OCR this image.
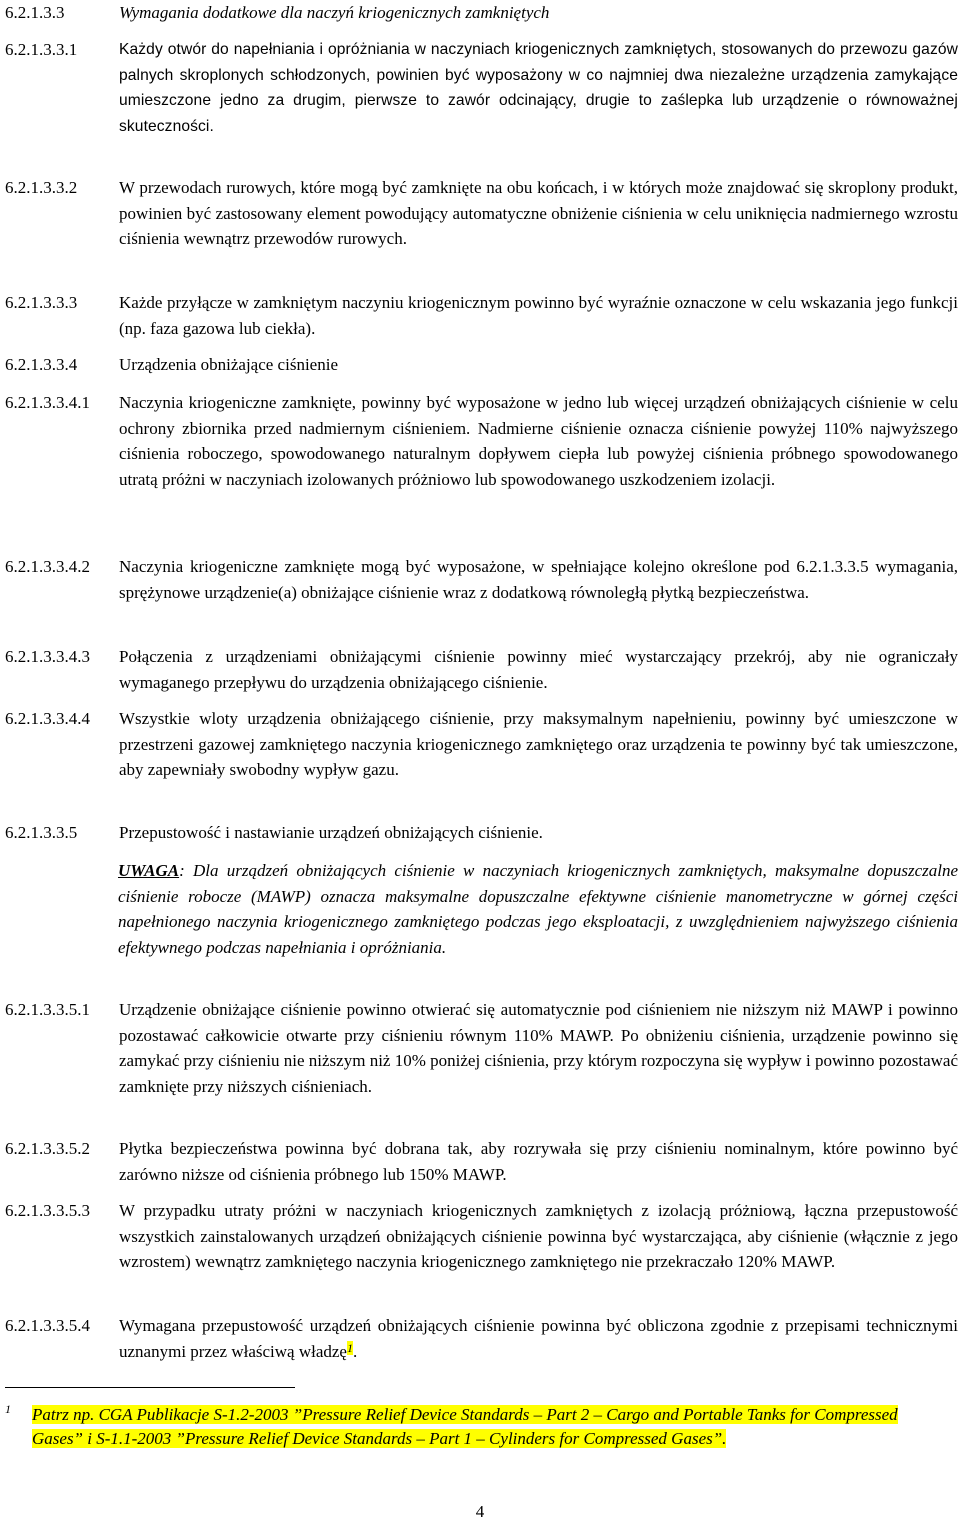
6.2.1.3.3	Wymagania dodatkowe dla naczyń kriogenicznych zamkniętych
6.2.1.3.3.1	Każdy otwór do napełniania i opróżniania w naczyniach kriogenicznych zamkniętych, stosowanych do przewozu gazów palnych skroplonych schłodzonych, powinien być wyposażony w co najmniej dwa niezależne urządzenia zamykające umieszczone jedno za drugim, pierwsze to zawór odcinający, drugie to zaślepka lub urządzenie o równoważnej skuteczności.
6.2.1.3.3.2 W przewodach rurowych, które mogą być zamknięte na obu końcach, i w których może znajdować się skroplony produkt, powinien być zastosowany element powodujący automatyczne obniżenie ciśnienia w celu uniknięcia nadmiernego wzrostu ciśnienia wewnątrz przewodów rurowych.
6.2.1.3.3.3 Każde przyłącze w zamkniętym naczyniu kriogenicznym powinno być wyraźnie oznaczone w celu wskazania jego funkcji (np. faza gazowa lub ciekła).
6.2.1.3.3.4 Urządzenia obniżające ciśnienie
6.2.1.3.3.4.1 Naczynia kriogeniczne zamknięte, powinny być wyposażone w jedno lub więcej urządzeń obniżających ciśnienie w celu ochrony zbiornika przed nadmiernym ciśnieniem. Nadmierne ciśnienie oznacza ciśnienie powyżej 110% najwyższego ciśnienia roboczego, spowodowanego naturalnym dopływem ciepła lub powyżej ciśnienia próbnego spowodowanego utratą próżni w naczyniach izolowanych próżniowo lub spowodowanego uszkodzeniem izolacji.
6.2.1.3.3.4.2 Naczynia kriogeniczne zamknięte mogą być wyposażone, w spełniające kolejno określone pod 6.2.1.3.3.5 wymagania, sprężynowe urządzenie(a) obniżające ciśnienie wraz z dodatkową równoległą płytką bezpieczeństwa.
6.2.1.3.3.4.3 Połączenia z urządzeniami obniżającymi ciśnienie powinny mieć wystarczający przekrój, aby nie ograniczały wymaganego przepływu do urządzenia obniżającego ciśnienie.
6.2.1.3.3.4.4 Wszystkie wloty urządzenia obniżającego ciśnienie, przy maksymalnym napełnieniu, powinny być umieszczone w przestrzeni gazowej zamkniętego naczynia kriogenicznego zamkniętego oraz urządzenia te powinny być tak umieszczone, aby zapewniały swobodny wypływ gazu.
6.2.1.3.3.5 Przepustowość i nastawianie urządzeń obniżających ciśnienie.
UWAGA: Dla urządzeń obniżających ciśnienie w naczyniach kriogenicznych zamkniętych, maksymalne dopuszczalne ciśnienie robocze (MAWP) oznacza maksymalne dopuszczalne efektywne ciśnienie manometryczne w górnej części napełnionego naczynia kriogenicznego zamkniętego podczas jego eksploatacji, z uwzględnieniem najwyższego ciśnienia efektywnego podczas napełniania i opróżniania.
6.2.1.3.3.5.1 Urządzenie obniżające ciśnienie powinno otwierać się automatycznie pod ciśnieniem nie niższym niż MAWP i powinno pozostawać całkowicie otwarte przy ciśnieniu równym 110% MAWP. Po obniżeniu ciśnienia, urządzenie powinno się zamykać przy ciśnieniu nie niższym niż 10% poniżej ciśnienia, przy którym rozpoczyna się wypływ i powinno pozostawać zamknięte przy niższych ciśnieniach.
6.2.1.3.3.5.2 Płytka bezpieczeństwa powinna być dobrana tak, aby rozrywała się przy ciśnieniu nominalnym, które powinno być zarówno niższe od ciśnienia próbnego lub 150% MAWP.
6.2.1.3.3.5.3 W przypadku utraty próżni w naczyniach kriogenicznych zamkniętych z izolacją próżniową, łączna przepustowość wszystkich zainstalowanych urządzeń obniżających ciśnienie powinna być wystarczająca, aby ciśnienie (włącznie z jego wzrostem) wewnątrz zamkniętego naczynia kriogenicznego zamkniętego nie przekraczało 120% MAWP.
6.2.1.3.3.5.4 Wymagana przepustowość urządzeń obniżających ciśnienie powinna być obliczona zgodnie z przepisami technicznymi uznanymi przez właściwą władzę$^1$.
1 Patrz np. CGA Publikacje S-1.2-2003 ”Pressure Relief Device Standards – Part 2 – Cargo and Portable Tanks for Compressed Gases” i S-1.1-2003 ”Pressure Relief Device Standards – Part 1 – Cylinders for Compressed Gases”.
4
